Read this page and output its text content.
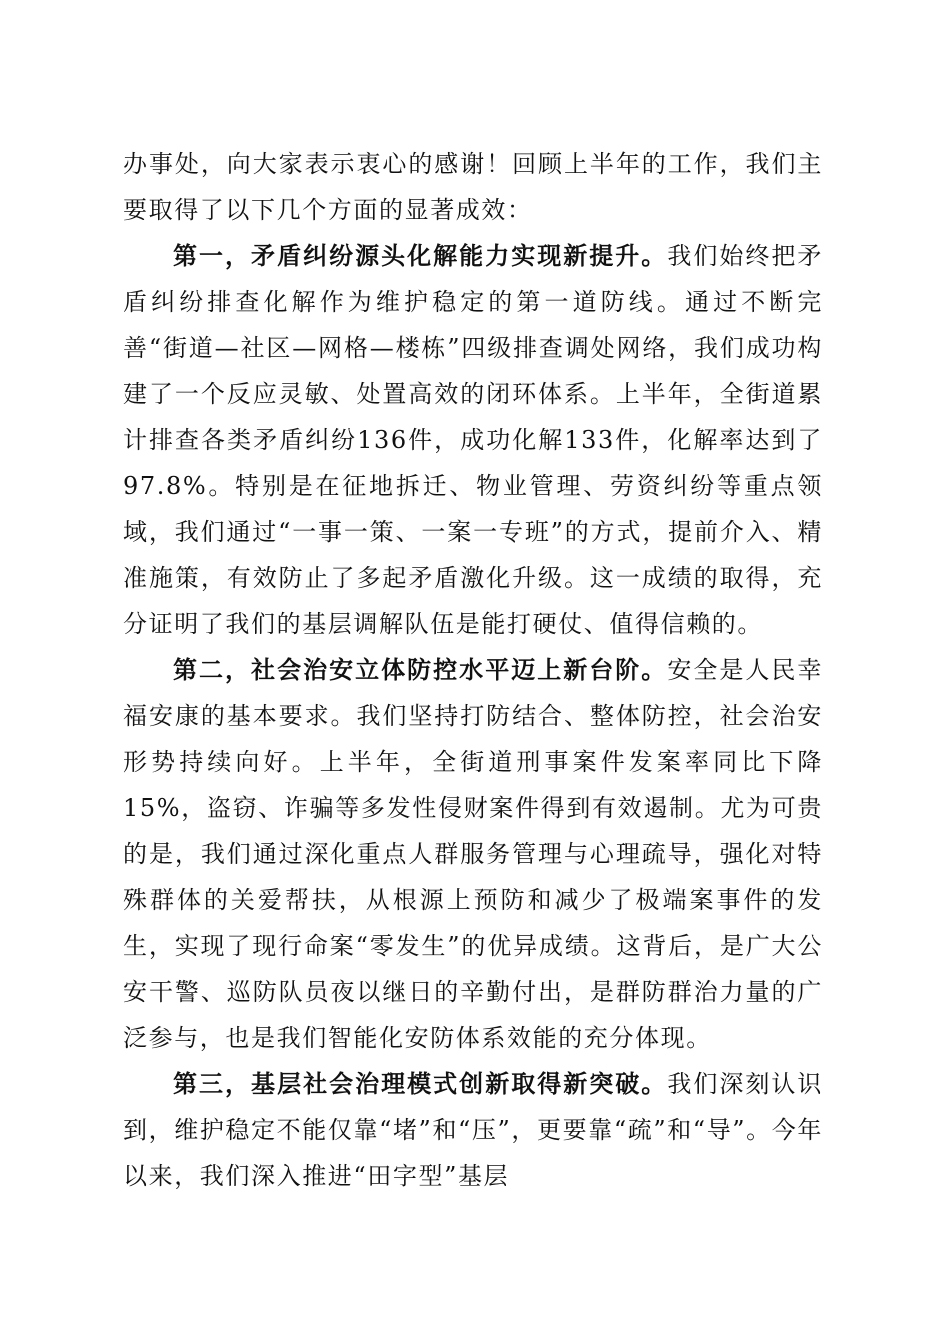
办事处，向大家表示衷心的感谢！回顾上半年的工作，我们主要取得了以下几个方面的显著成效：

第一，矛盾纠纷源头化解能力实现新提升。我们始终把矛盾纠纷排查化解作为维护稳定的第一道防线。通过不断完善“街道—社区—网格—楼栋”四级排查调处网络，我们成功构建了一个反应灵敏、处置高效的闭环体系。上半年，全街道累计排查各类矛盾纠纷136件，成功化解133件，化解率达到了97.8%。特别是在征地拆迁、物业管理、劳资纠纷等重点领域，我们通过“一事一策、一案一专班”的方式，提前介入、精准施策，有效防止了多起矛盾激化升级。这一成绩的取得，充分证明了我们的基层调解队伍是能打硬仗、值得信赖的。

第二，社会治安立体防控水平迈上新台阶。安全是人民幸福安康的基本要求。我们坚持打防结合、整体防控，社会治安形势持续向好。上半年，全街道刑事案件发案率同比下降15%，盗窃、诈骗等多发性侵财案件得到有效遏制。尤为可贵的是，我们通过深化重点人群服务管理与心理疏导，强化对特殊群体的关爱帮扶，从根源上预防和减少了极端案事件的发生，实现了现行命案“零发生”的优异成绩。这背后，是广大公安干警、巡防队员夜以继日的辛勤付出，是群防群治力量的广泛参与，也是我们智能化安防体系效能的充分体现。

第三，基层社会治理模式创新取得新突破。我们深刻认识到，维护稳定不能仅靠“堵”和“压”，更要靠“疏”和“导”。今年以来，我们深入推进“田字型”基层
